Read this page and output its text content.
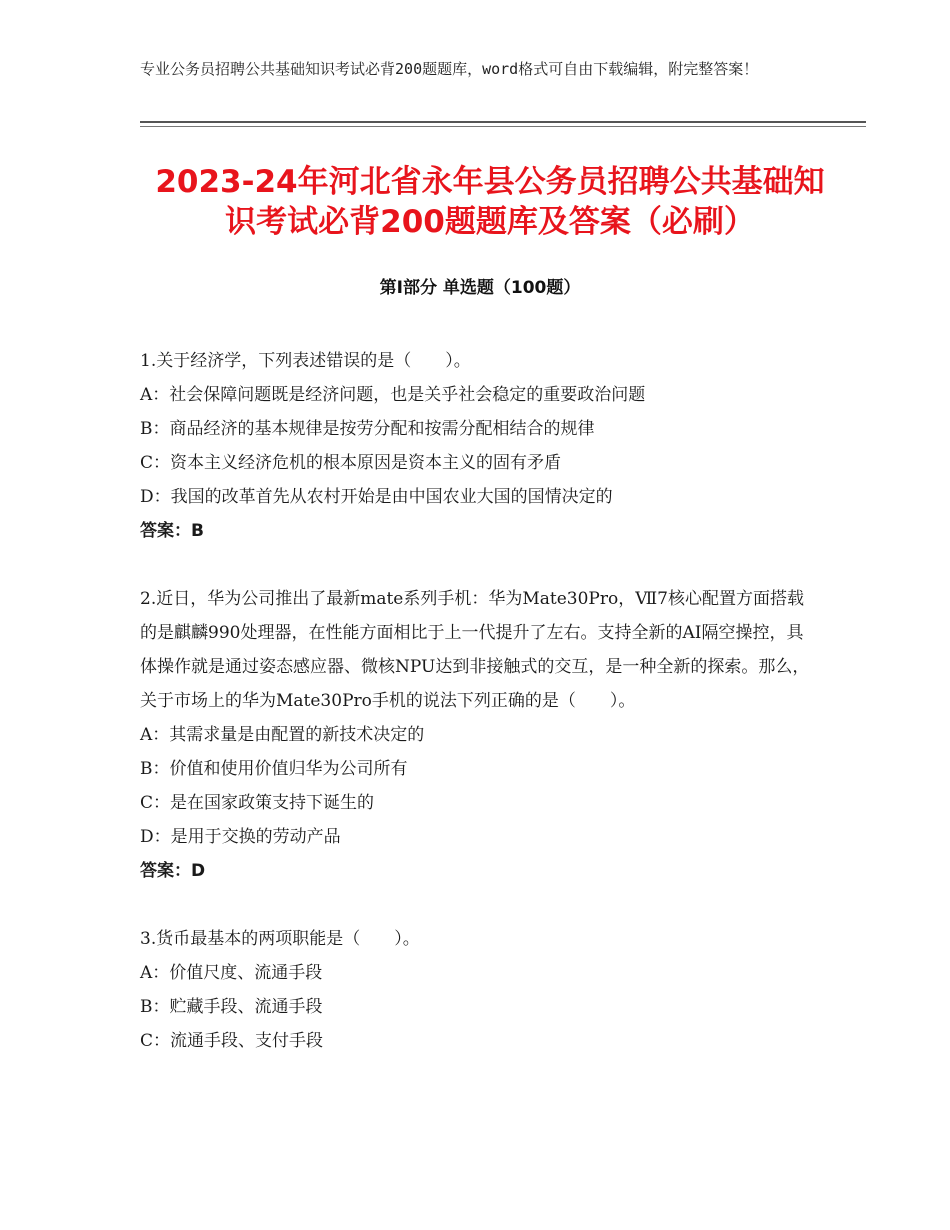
专业公务员招聘公共基础知识考试必背200题题库，word格式可自由下载编辑，附完整答案！
2023-24年河北省永年县公务员招聘公共基础知识考试必背200题题库及答案（必刷）
第Ⅰ部分 单选题（100题）

1.关于经济学，下列表述错误的是（　　）。

A：社会保障问题既是经济问题，也是关乎社会稳定的重要政治问题

B：商品经济的基本规律是按劳分配和按需分配相结合的规律

C：资本主义经济危机的根本原因是资本主义的固有矛盾

D：我国的改革首先从农村开始是由中国农业大国的国情决定的

答案：B

2.近日，华为公司推出了最新mate系列手机：华为Mate30Pro，Ⅶ7核心配置方面搭载的是麒麟990处理器，在性能方面相比于上一代提升了左右。支持全新的AI隔空操控，具体操作就是通过姿态感应器、微核NPU达到非接触式的交互，是一种全新的探索。那么，关于市场上的华为Mate30Pro手机的说法下列正确的是（　　）。

A：其需求量是由配置的新技术决定的

B：价值和使用价值归华为公司所有

C：是在国家政策支持下诞生的

D：是用于交换的劳动产品

答案：D

3.货币最基本的两项职能是（　　）。

A：价值尺度、流通手段

B：贮藏手段、流通手段

C：流通手段、支付手段
